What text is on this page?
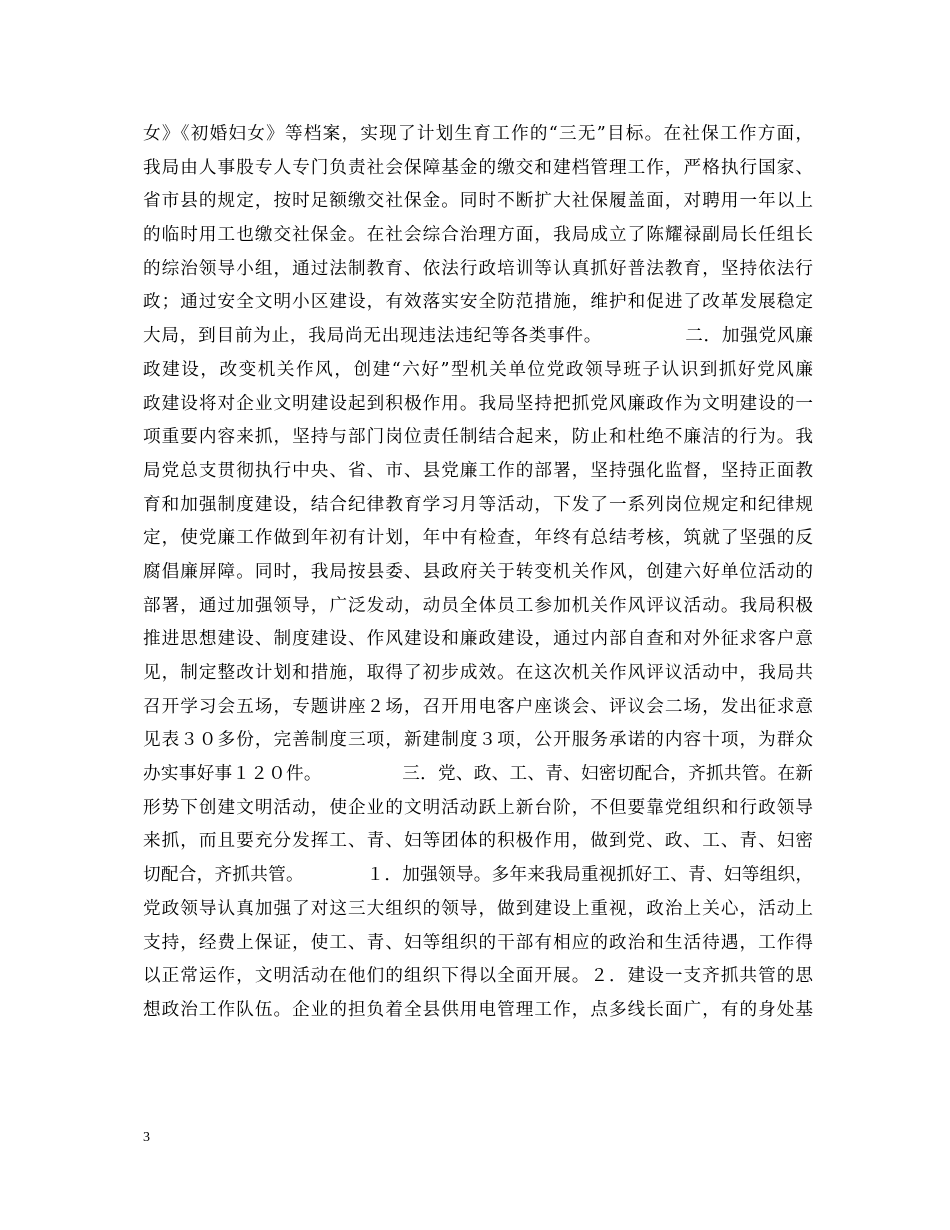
女》《初婚妇女》等档案，实现了计划生育工作的“三无”目标。在社保工作方面，
我局由人事股专人专门负责社会保障基金的缴交和建档管理工作，严格执行国家、
省市县的规定，按时足额缴交社保金。同时不断扩大社保履盖面，对聘用一年以上
的临时用工也缴交社保金。在社会综合治理方面，我局成立了陈耀禄副局长任组长
的综治领导小组，通过法制教育、依法行政培训等认真抓好普法教育，坚持依法行
政；通过安全文明小区建设，有效落实安全防范措施，维护和促进了改革发展稳定
大局，到目前为止，我局尚无出现违法违纪等各类事件。　　　　　二．加强党风廉
政建设，改变机关作风，创建“六好”型机关单位党政领导班子认识到抓好党风廉
政建设将对企业文明建设起到积极作用。我局坚持把抓党风廉政作为文明建设的一
项重要内容来抓，坚持与部门岗位责任制结合起来，防止和杜绝不廉洁的行为。我
局党总支贯彻执行中央、省、市、县党廉工作的部署，坚持强化监督，坚持正面教
育和加强制度建设，结合纪律教育学习月等活动，下发了一系列岗位规定和纪律规
定，使党廉工作做到年初有计划，年中有检查，年终有总结考核，筑就了坚强的反
腐倡廉屏障。同时，我局按县委、县政府关于转变机关作风，创建六好单位活动的
部署，通过加强领导，广泛发动，动员全体员工参加机关作风评议活动。我局积极
推进思想建设、制度建设、作风建设和廉政建设，通过内部自查和对外征求客户意
见，制定整改计划和措施，取得了初步成效。在这次机关作风评议活动中，我局共
召开学习会五场，专题讲座２场，召开用电客户座谈会、评议会二场，发出征求意
见表３０多份，完善制度三项，新建制度３项，公开服务承诺的内容十项，为群众
办实事好事１２０件。　　　　　三．党、政、工、青、妇密切配合，齐抓共管。在新
形势下创建文明活动，使企业的文明活动跃上新台阶，不但要靠党组织和行政领导
来抓，而且要充分发挥工、青、妇等团体的积极作用，做到党、政、工、青、妇密
切配合，齐抓共管。　　　　１．加强领导。多年来我局重视抓好工、青、妇等组织，
党政领导认真加强了对这三大组织的领导，做到建设上重视，政治上关心，活动上
支持，经费上保证，使工、青、妇等组织的干部有相应的政治和生活待遇，工作得
以正常运作，文明活动在他们的组织下得以全面开展。２．建设一支齐抓共管的思
想政治工作队伍。企业的担负着全县供用电管理工作，点多线长面广，有的身处基
3
